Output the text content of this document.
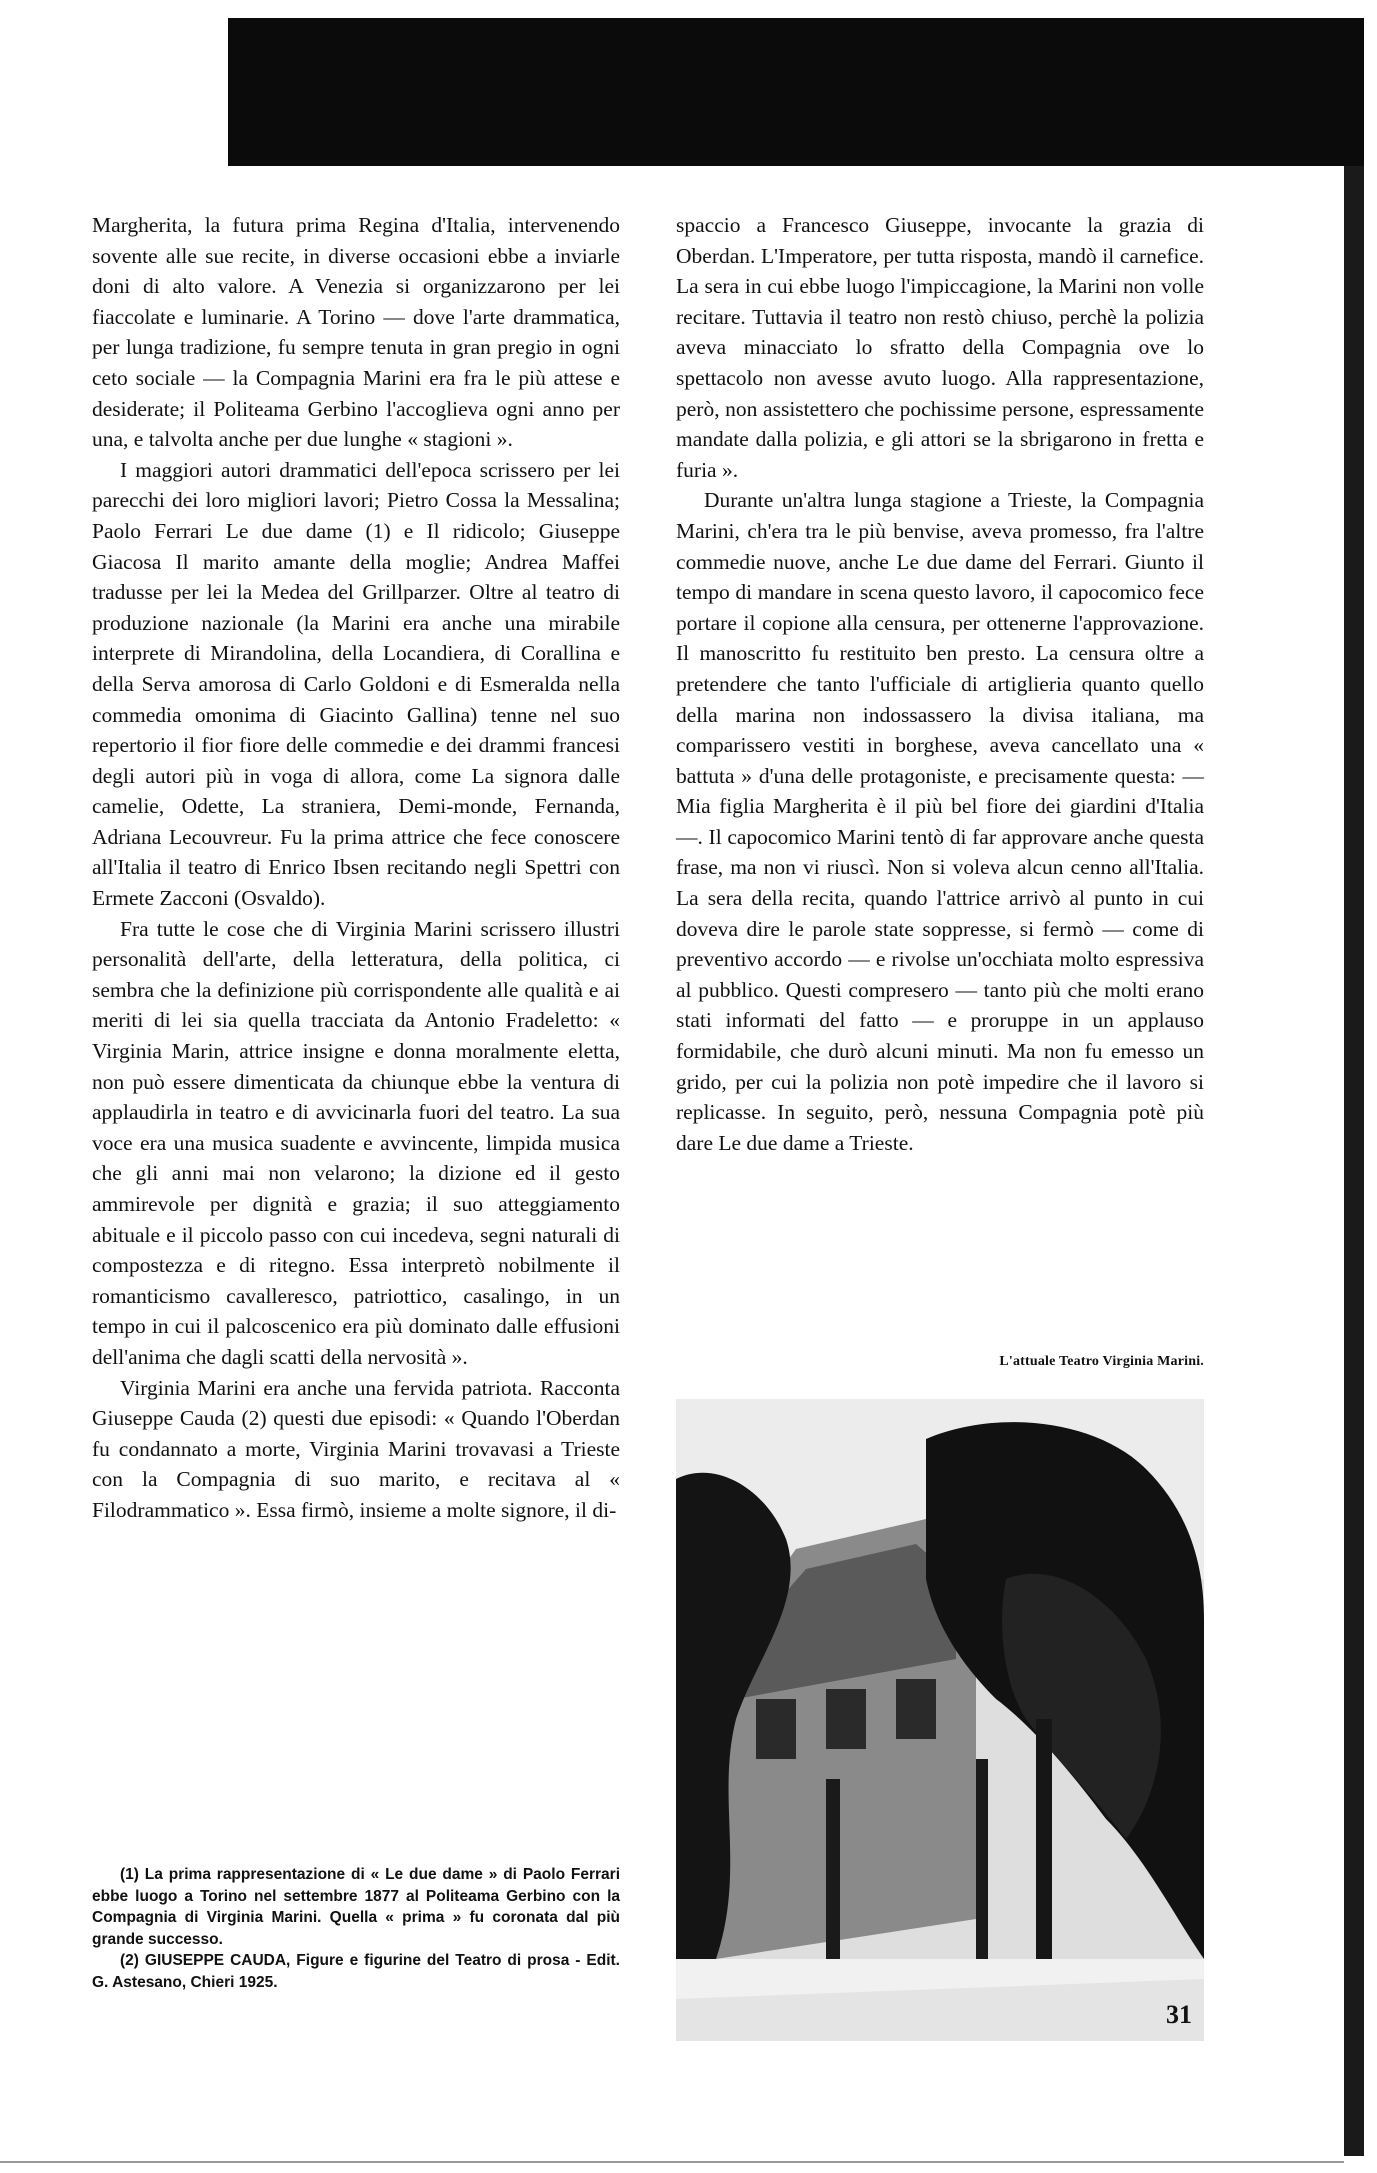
Margherita, la futura prima Regina d'Italia, intervenendo sovente alle sue recite, in diverse occasioni ebbe a inviarle doni di alto valore. A Venezia si organizzarono per lei fiaccolate e luminarie. A Torino — dove l'arte drammatica, per lunga tradizione, fu sempre tenuta in gran pregio in ogni ceto sociale — la Compagnia Marini era fra le più attese e desiderate; il Politeama Gerbino l'accoglieva ogni anno per una, e talvolta anche per due lunghe « stagioni ».

I maggiori autori drammatici dell'epoca scrissero per lei parecchi dei loro migliori lavori; Pietro Cossa la Messalina; Paolo Ferrari Le due dame (1) e Il ridicolo; Giuseppe Giacosa Il marito amante della moglie; Andrea Maffei tradusse per lei la Medea del Grillparzer. Oltre al teatro di produzione nazionale (la Marini era anche una mirabile interprete di Mirandolina, della Locandiera, di Corallina e della Serva amorosa di Carlo Goldoni e di Esmeralda nella commedia omonima di Giacinto Gallina) tenne nel suo repertorio il fior fiore delle commedie e dei drammi francesi degli autori più in voga di allora, come La signora dalle camelie, Odette, La straniera, Demi-monde, Fernanda, Adriana Lecouvreur. Fu la prima attrice che fece conoscere all'Italia il teatro di Enrico Ibsen recitando negli Spettri con Ermete Zacconi (Osvaldo).

Fra tutte le cose che di Virginia Marini scrissero illustri personalità dell'arte, della letteratura, della politica, ci sembra che la definizione più corrispondente alle qualità e ai meriti di lei sia quella tracciata da Antonio Fradeletto: « Virginia Marin, attrice insigne e donna moralmente eletta, non può essere dimenticata da chiunque ebbe la ventura di applaudirla in teatro e di avvicinarla fuori del teatro. La sua voce era una musica suadente e avvincente, limpida musica che gli anni mai non velarono; la dizione ed il gesto ammirevole per dignità e grazia; il suo atteggiamento abituale e il piccolo passo con cui incedeva, segni naturali di compostezza e di ritegno. Essa interpretò nobilmente il romanticismo cavalleresco, patriottico, casalingo, in un tempo in cui il palcoscenico era più dominato dalle effusioni dell'anima che dagli scatti della nervosità ».

Virginia Marini era anche una fervida patriota. Racconta Giuseppe Cauda (2) questi due episodi: « Quando l'Oberdan fu condannato a morte, Virginia Marini trovavasi a Trieste con la Compagnia di suo marito, e recitava al « Filodrammatico ». Essa firmò, insieme a molte signore, il di-

spaccio a Francesco Giuseppe, invocante la grazia di Oberdan. L'Imperatore, per tutta risposta, mandò il carnefice. La sera in cui ebbe luogo l'impiccagione, la Marini non volle recitare. Tuttavia il teatro non restò chiuso, perchè la polizia aveva minacciato lo sfratto della Compagnia ove lo spettacolo non avesse avuto luogo. Alla rappresentazione, però, non assistettero che pochissime persone, espressamente mandate dalla polizia, e gli attori se la sbrigarono in fretta e furia ».

Durante un'altra lunga stagione a Trieste, la Compagnia Marini, ch'era tra le più benvise, aveva promesso, fra l'altre commedie nuove, anche Le due dame del Ferrari. Giunto il tempo di mandare in scena questo lavoro, il capocomico fece portare il copione alla censura, per ottenerne l'approvazione. Il manoscritto fu restituito ben presto. La censura oltre a pretendere che tanto l'ufficiale di artiglieria quanto quello della marina non indossassero la divisa italiana, ma comparissero vestiti in borghese, aveva cancellato una « battuta » d'una delle protagoniste, e precisamente questa: — Mia figlia Margherita è il più bel fiore dei giardini d'Italia —. Il capocomico Marini tentò di far approvare anche questa frase, ma non vi riuscì. Non si voleva alcun cenno all'Italia. La sera della recita, quando l'attrice arrivò al punto in cui doveva dire le parole state soppresse, si fermò — come di preventivo accordo — e rivolse un'occhiata molto espressiva al pubblico. Questi compresero — tanto più che molti erano stati informati del fatto — e proruppe in un applauso formidabile, che durò alcuni minuti. Ma non fu emesso un grido, per cui la polizia non potè impedire che il lavoro si replicasse. In seguito, però, nessuna Compagnia potè più dare Le due dame a Trieste.

L'attuale Teatro Virginia Marini.

(1) La prima rappresentazione di « Le due dame » di Paolo Ferrari ebbe luogo a Torino nel settembre 1877 al Politeama Gerbino con la Compagnia di Virginia Marini. Quella « prima » fu coronata dal più grande successo.

(2) GIUSEPPE CAUDA, Figure e figurine del Teatro di prosa - Edit. G. Astesano, Chieri 1925.

31
